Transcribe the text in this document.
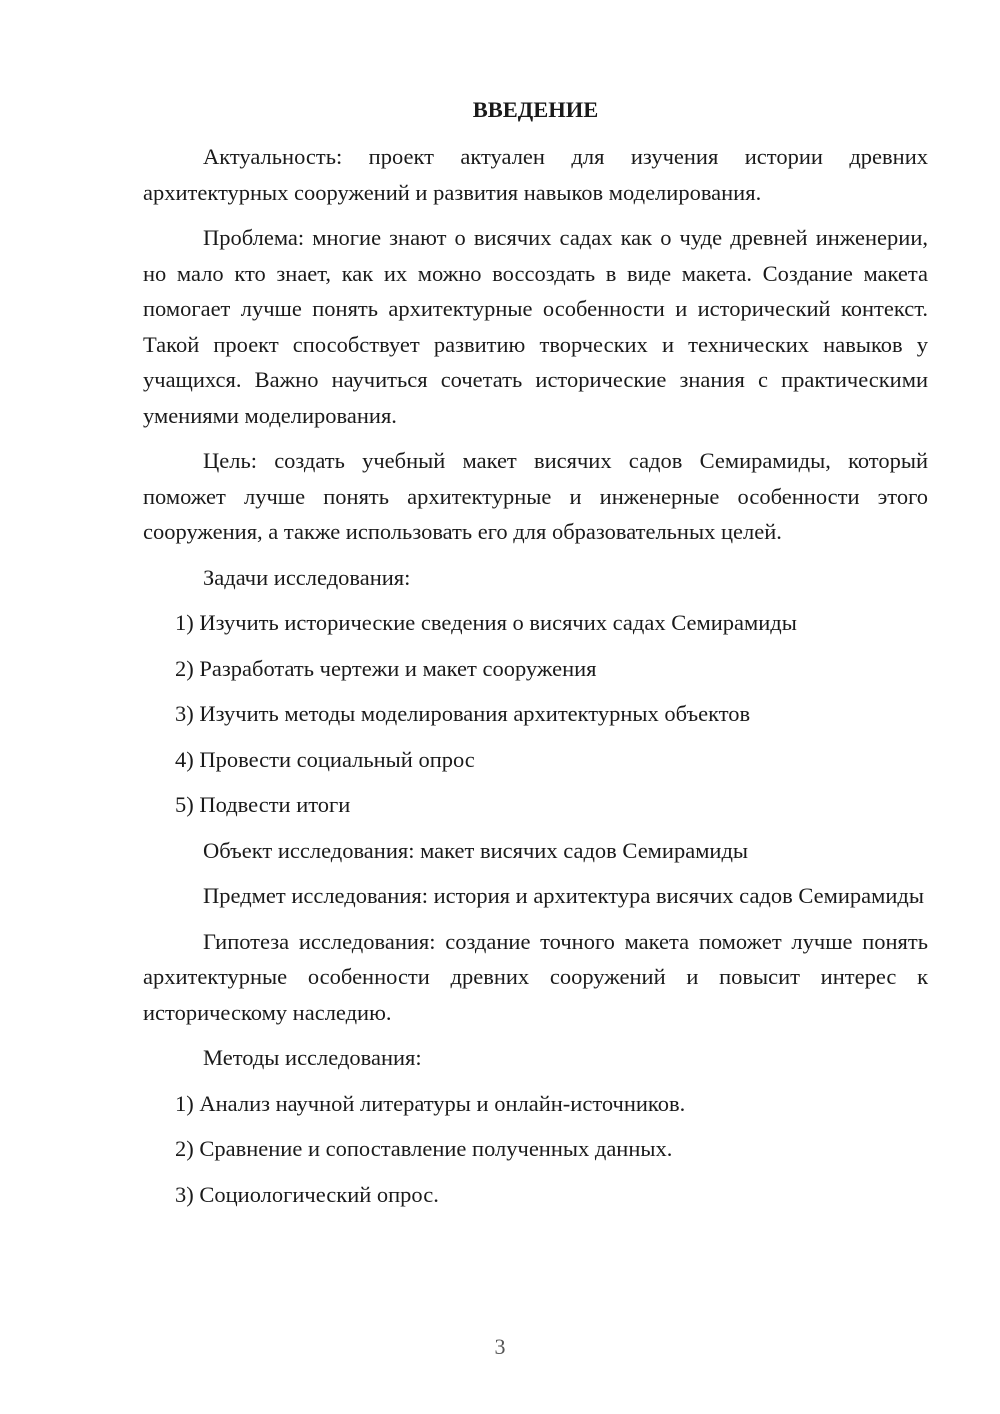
ВВЕДЕНИЕ

Актуальность: проект актуален для изучения истории древних архитектурных сооружений и развития навыков моделирования.

Проблема: многие знают о висячих садах как о чуде древней инженерии, но мало кто знает, как их можно воссоздать в виде макета. Создание макета помогает лучше понять архитектурные особенности и исторический контекст. Такой проект способствует развитию творческих и технических навыков у учащихся. Важно научиться сочетать исторические знания с практическими умениями моделирования.

Цель: создать учебный макет висячих садов Семирамиды, который поможет лучше понять архитектурные и инженерные особенности этого сооружения, а также использовать его для образовательных целей.

Задачи исследования:

1) Изучить исторические сведения о висячих садах Семирамиды

2) Разработать чертежи и макет сооружения

3) Изучить методы моделирования архитектурных объектов

4) Провести социальный опрос

5) Подвести итоги

Объект исследования: макет висячих садов Семирамиды

Предмет исследования: история и архитектура висячих садов Семирамиды

Гипотеза исследования: создание точного макета поможет лучше понять архитектурные особенности древних сооружений и повысит интерес к историческому наследию.

Методы исследования:

1) Анализ научной литературы и онлайн-источников.

2) Сравнение и сопоставление полученных данных.

3) Социологический опрос.

3
